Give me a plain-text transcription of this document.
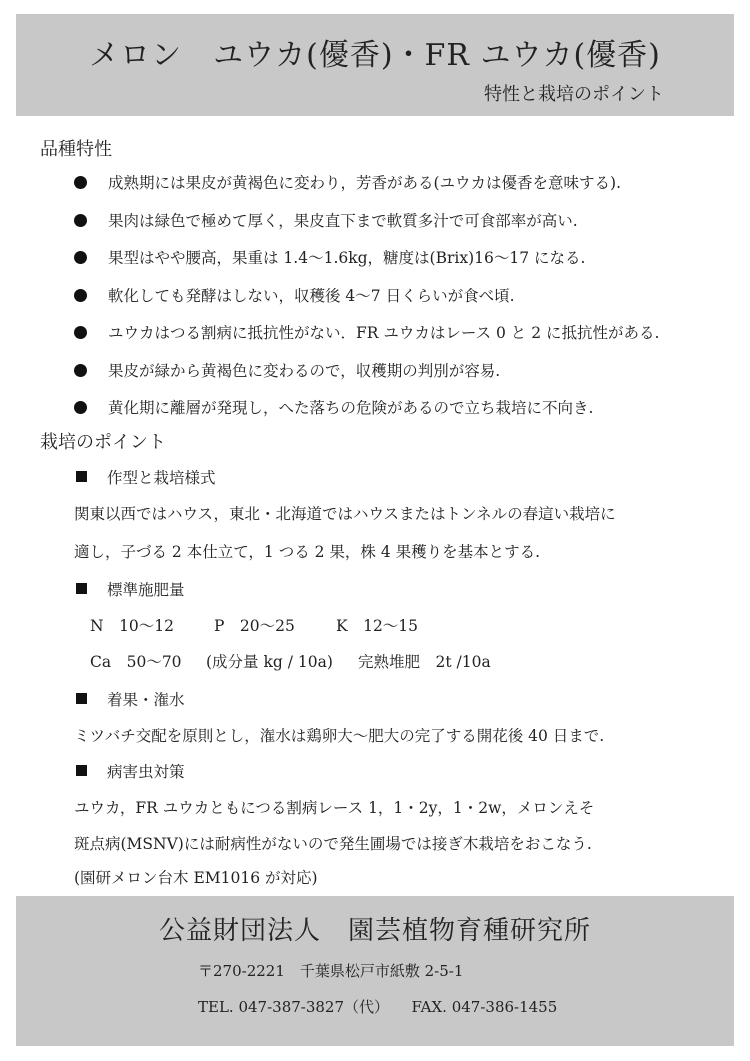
メロン　ユウカ(優香)・FR ユウカ(優香)
特性と栽培のポイント
品種特性
成熟期には果皮が黄褐色に変わり，芳香がある(ユウカは優香を意味する).
果肉は緑色で極めて厚く，果皮直下まで軟質多汁で可食部率が高い.
果型はやや腰高，果重は 1.4～1.6kg，糖度は(Brix)16～17 になる.
軟化しても発酵はしない，収穫後 4～7 日くらいが食べ頃.
ユウカはつる割病に抵抗性がない．FR ユウカはレース 0 と 2 に抵抗性がある.
果皮が緑から黄褐色に変わるので，収穫期の判別が容易.
黄化期に離層が発現し，へた落ちの危険があるので立ち栽培に不向き.
栽培のポイント
作型と栽培様式
関東以西ではハウス，東北・北海道ではハウスまたはトンネルの春這い栽培に
適し，子づる 2 本仕立て，1 つる 2 果，株 4 果穫りを基本とする.
標準施肥量
N　10～12	P　20～25	K　12～15
Ca　50～70 (成分量 kg / 10a) 完熟堆肥　2t /10a
着果・潅水
ミツバチ交配を原則とし，潅水は鶏卵大～肥大の完了する開花後 40 日まで.
病害虫対策
ユウカ，FR ユウカともにつる割病レース 1，1・2y，1・2w，メロンえそ
斑点病(MSNV)には耐病性がないので発生圃場では接ぎ木栽培をおこなう.
(園研メロン台木 EM1016 が対応)
公益財団法人　園芸植物育種研究所
〒270-2221　千葉県松戸市紙敷 2-5-1
TEL. 047-387-3827（代）　　 FAX. 047-386-1455
